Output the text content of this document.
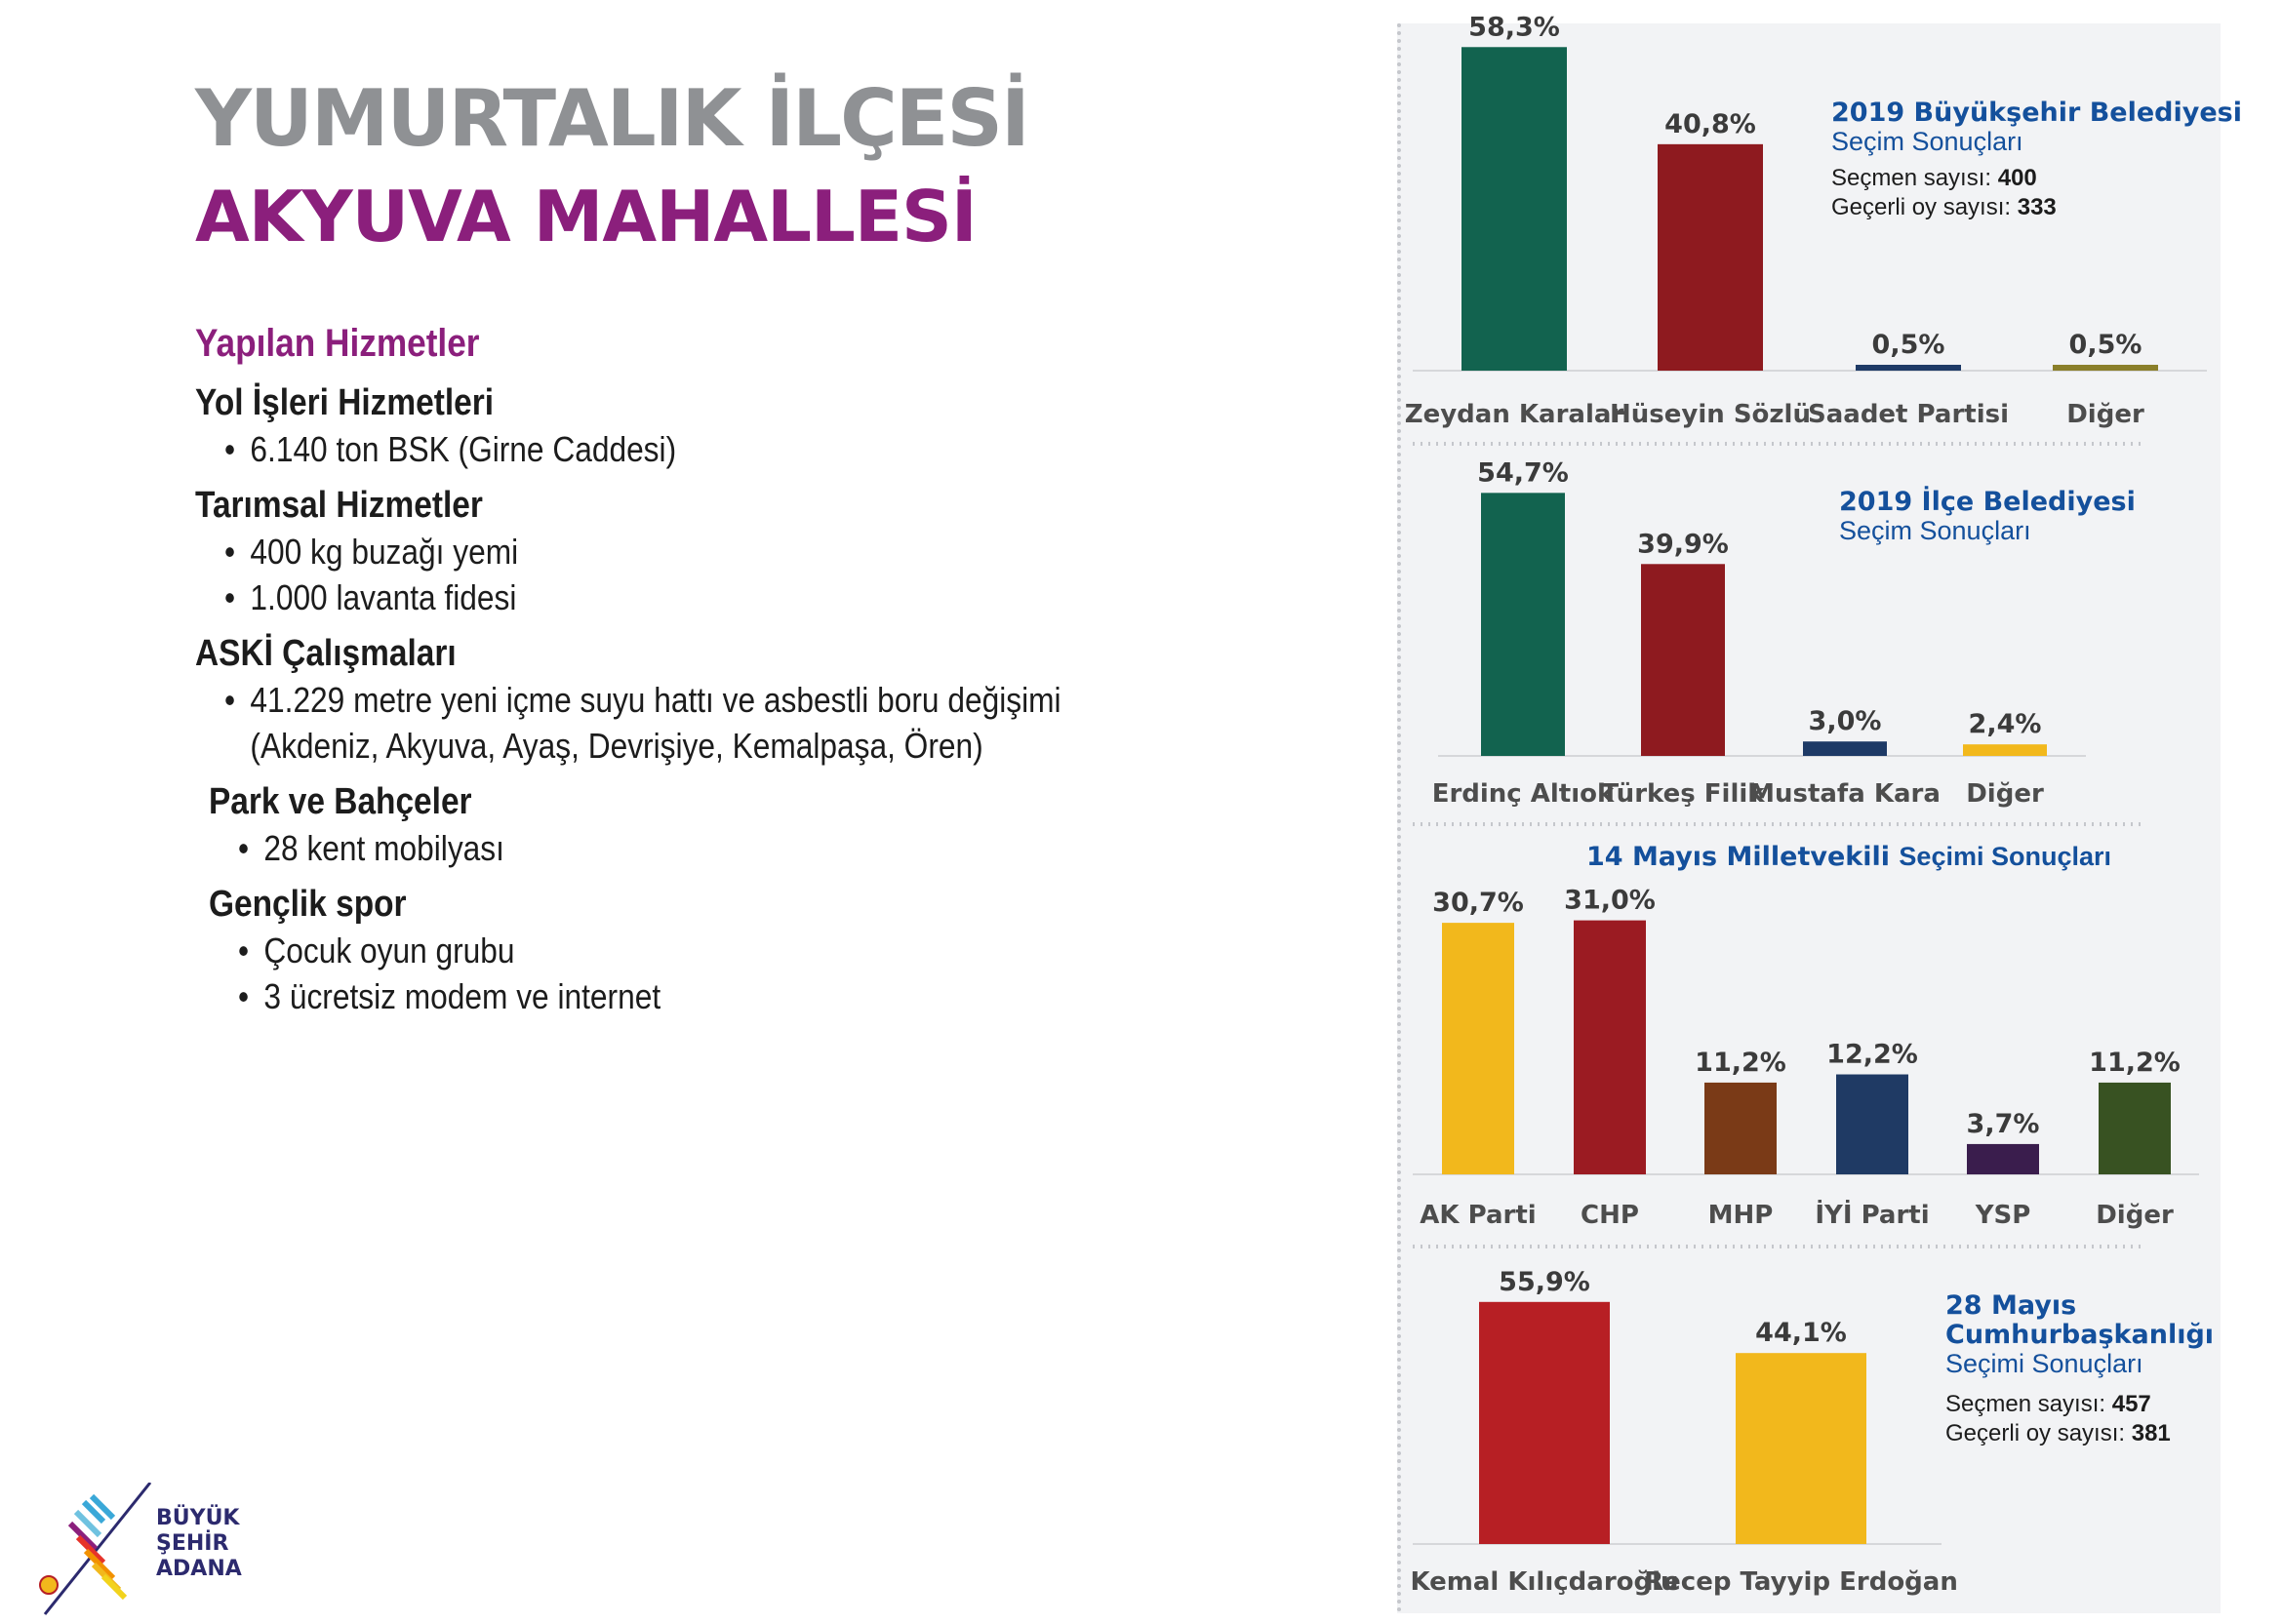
YUMURTALIK İLÇESİ
AKYUVA MAHALLESİ
Yapılan Hizmetler
Yol İşleri Hizmetleri
• 6.140 ton BSK (Girne Caddesi)
Tarımsal Hizmetler
• 400 kg buzağı yemi
• 1.000 lavanta fidesi
ASKİ Çalışmaları
• 41.229 metre yeni içme suyu hattı ve asbestli boru değişimi
(Akdeniz, Akyuva, Ayaş, Devrişiye, Kemalpaşa, Ören)
Park ve Bahçeler
• 28 kent mobilyası
Gençlik spor
• Çocuk oyun grubu
• 3 ücretsiz modem ve internet
BÜYÜK
ŞEHİR
ADANA
58,3%
Zeydan Karalar
40,8%
Hüseyin Sözlü
0,5%
Saadet Partisi
0,5%
Diğer
2019 Büyükşehir Belediyesi
Seçim Sonuçları
Seçmen sayısı: 400
Geçerli oy sayısı: 333
54,7%
Erdinç Altıok
39,9%
Türkeş Filik
3,0%
Mustafa Kara
2,4%
Diğer
2019 İlçe Belediyesi
Seçim Sonuçları
30,7%
AK Parti
31,0%
CHP
11,2%
MHP
12,2%
İYİ Parti
3,7%
YSP
11,2%
Diğer
14 Mayıs Milletvekili Seçimi Sonuçları
55,9%
Kemal Kılıçdaroğlu
44,1%
Recep Tayyip Erdoğan
28 Mayıs
Cumhurbaşkanlığı
Seçimi Sonuçları
Seçmen sayısı: 457
Geçerli oy sayısı: 381
